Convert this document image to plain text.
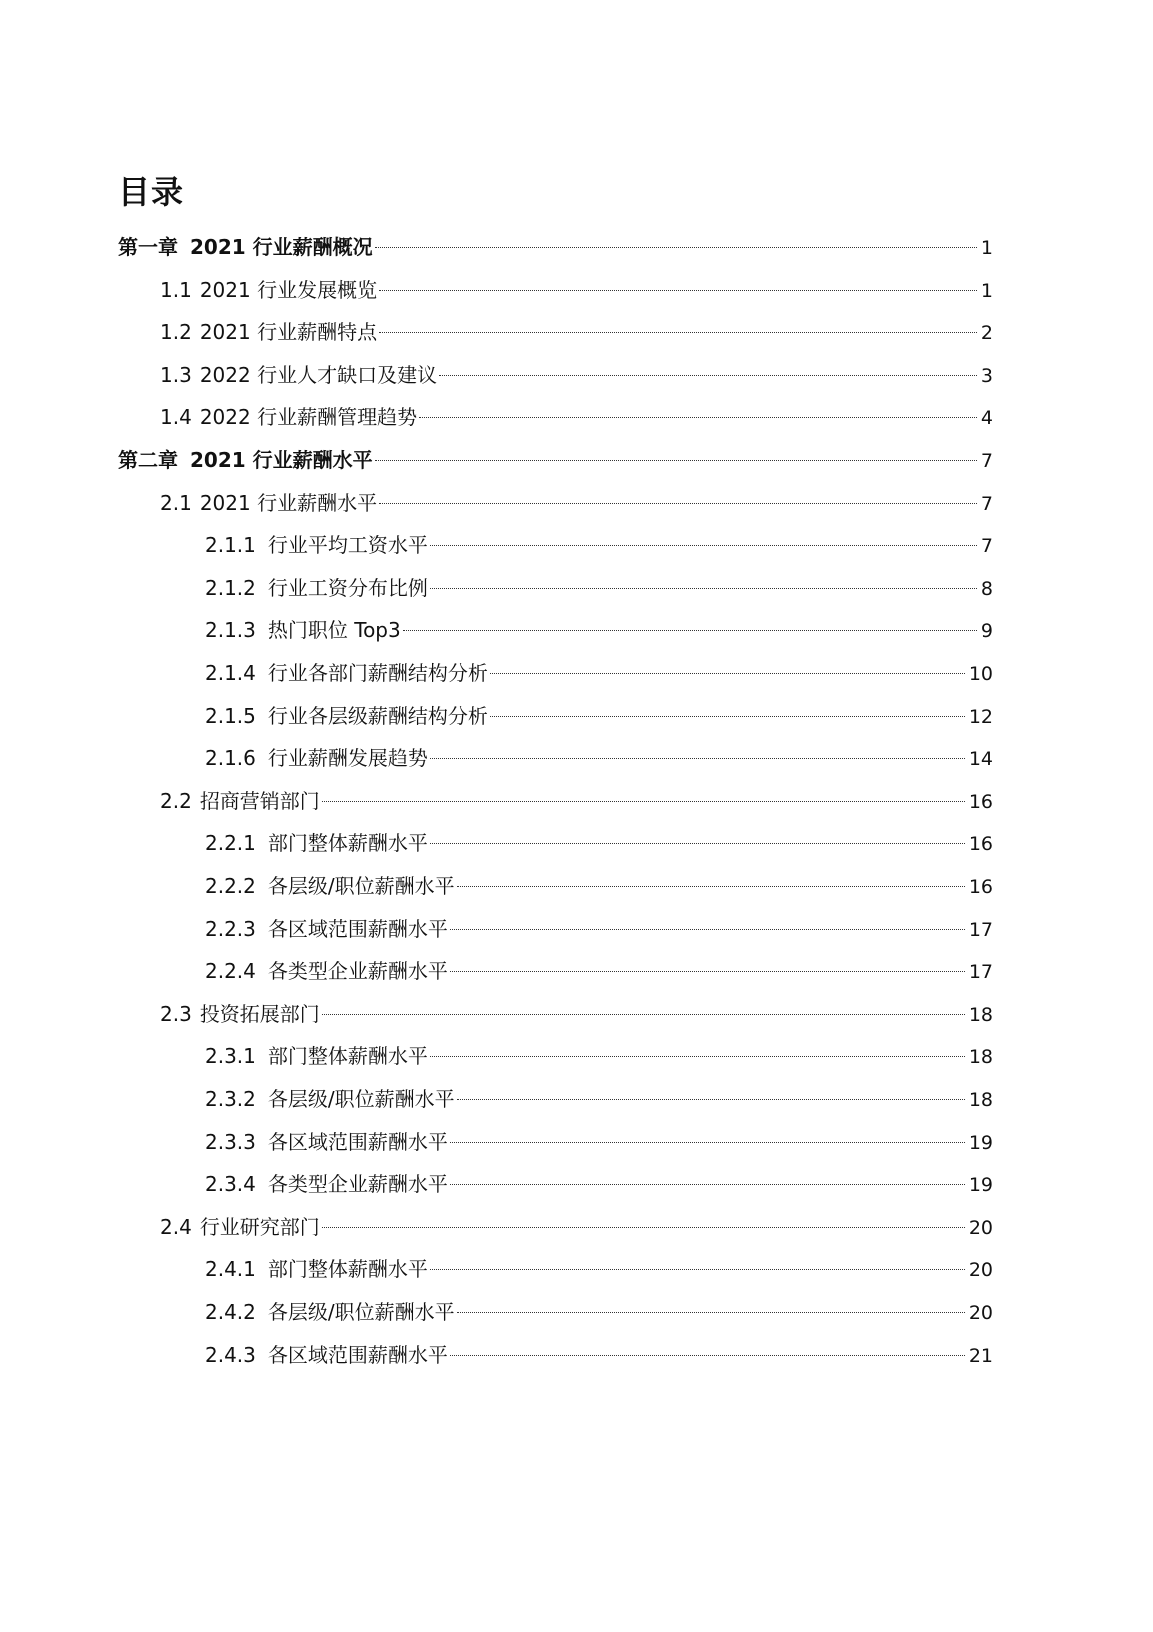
目录
第一章 2021 行业薪酬概况	1
1.1 2021 行业发展概览	1
1.2 2021 行业薪酬特点	2
1.3 2022 行业人才缺口及建议	3
1.4 2022 行业薪酬管理趋势	4
第二章 2021 行业薪酬水平	7
2.1 2021 行业薪酬水平	7
2.1.1 行业平均工资水平	7
2.1.2 行业工资分布比例	8
2.1.3 热门职位 Top3	9
2.1.4 行业各部门薪酬结构分析	10
2.1.5 行业各层级薪酬结构分析	12
2.1.6 行业薪酬发展趋势	14
2.2 招商营销部门	16
2.2.1 部门整体薪酬水平	16
2.2.2 各层级/职位薪酬水平	16
2.2.3 各区域范围薪酬水平	17
2.2.4 各类型企业薪酬水平	17
2.3 投资拓展部门	18
2.3.1 部门整体薪酬水平	18
2.3.2 各层级/职位薪酬水平	18
2.3.3 各区域范围薪酬水平	19
2.3.4 各类型企业薪酬水平	19
2.4 行业研究部门	20
2.4.1 部门整体薪酬水平	20
2.4.2 各层级/职位薪酬水平	20
2.4.3 各区域范围薪酬水平	21
